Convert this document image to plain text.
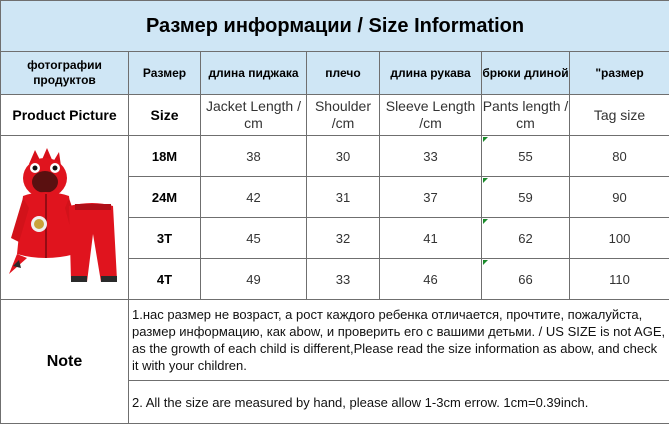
Размер информации / Size Information						
фотографии продуктов	Размер	длина пиджака	плечо	длина рукава	брюки длиной	"размер
Product Picture	Size	Jacket Length / cm	Shoulder /cm	Sleeve Length /cm	Pants length / cm	Tag size

	18M	38	30	33	55	80
	24M	42	31	37	59	90
	3T	45	32	41	62	100
	4T	49	33	46	66	110
Note	1.нас размер не возраст, а рост каждого ребенка отличается, прочтите, пожалуйста, размер информацию, как abow, и проверить его с вашими детьми. / US SIZE is not AGE, as the growth of each child is different,Please read the size information as abow, and check it with your children.					
	2. All the size are measured by hand, please allow 1-3cm errow. 1cm=0.39inch.					
